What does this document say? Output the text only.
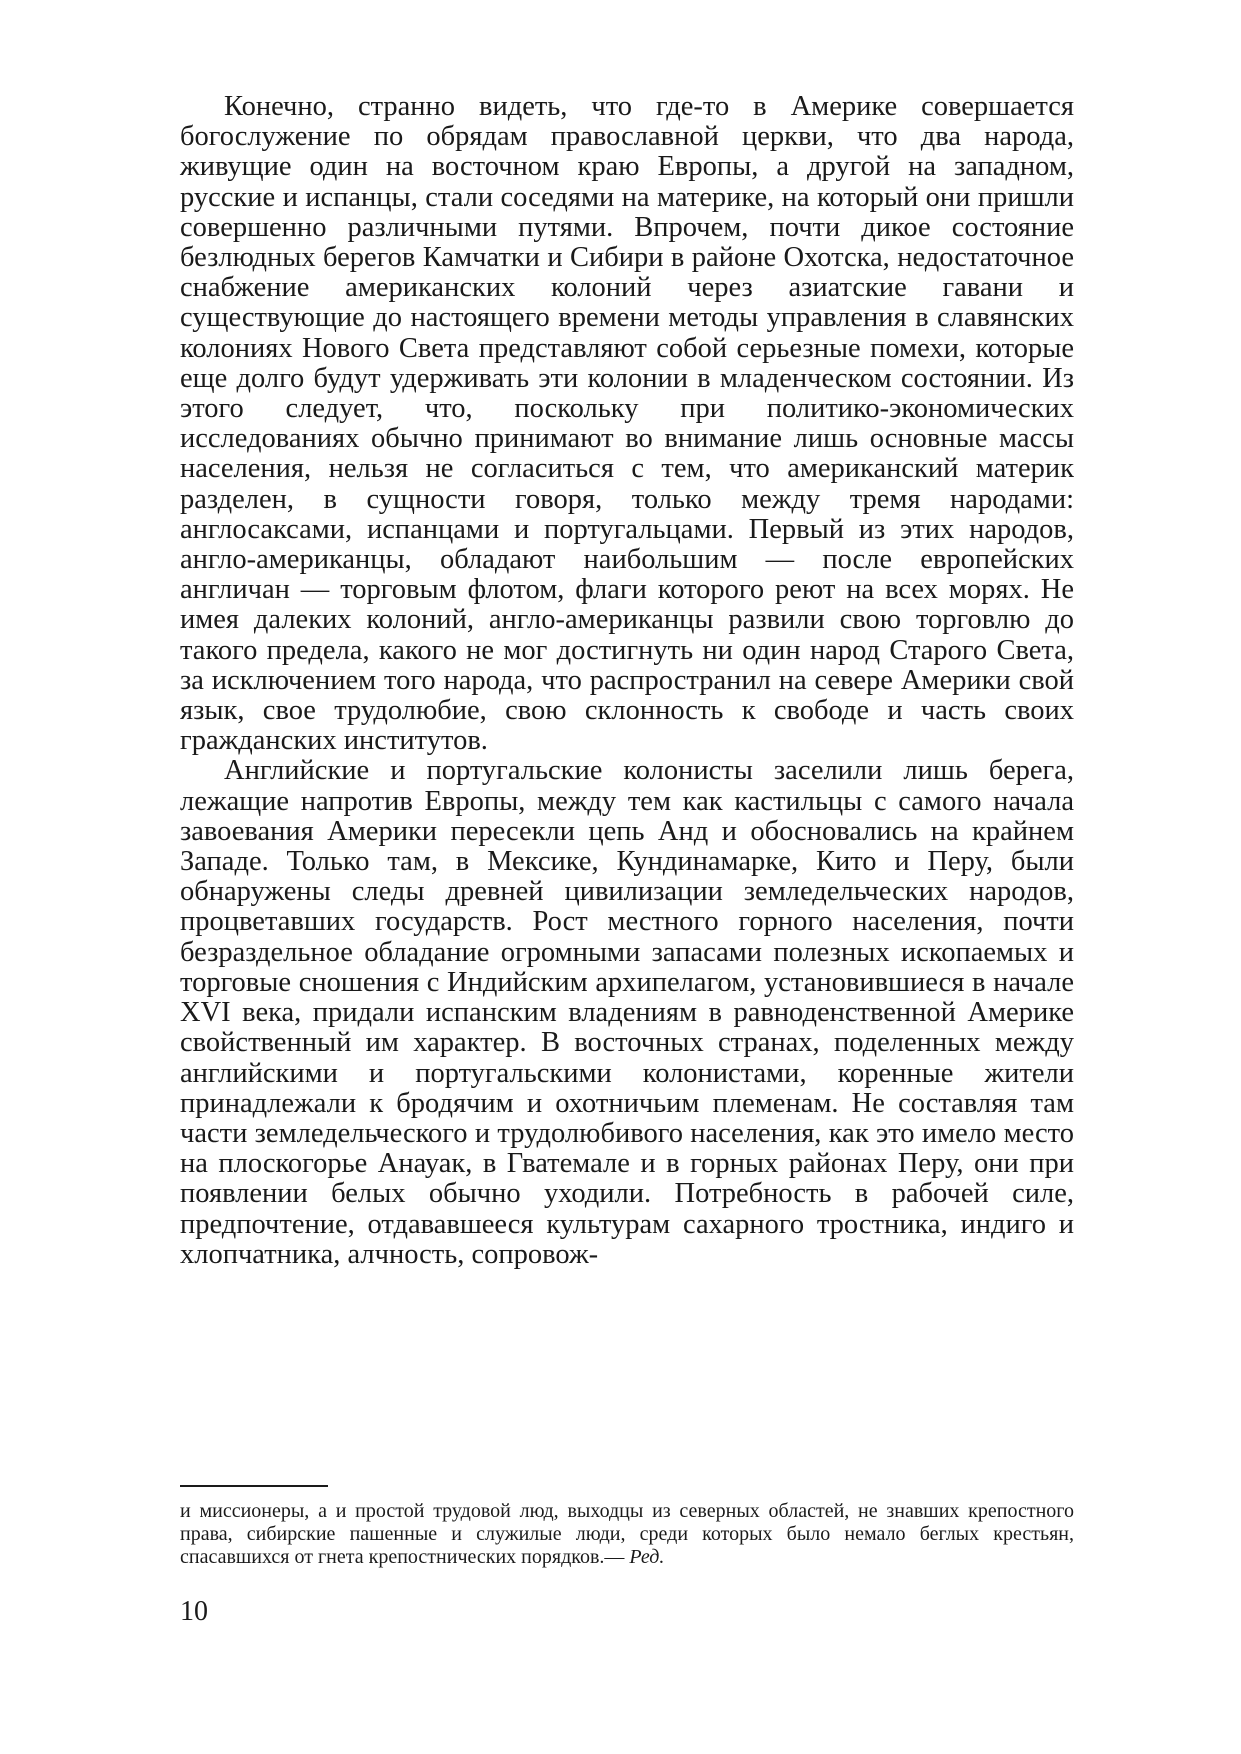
Конечно, странно видеть, что где-то в Америке совершается богослужение по обрядам православной церкви, что два народа, живущие один на восточном краю Европы, а другой на западном, русские и испанцы, стали соседями на материке, на который они пришли совершенно различными путями. Впрочем, почти дикое состояние безлюдных берегов Камчатки и Сибири в районе Охотска, недостаточное снабжение американских колоний через азиатские гавани и существующие до настоящего времени методы управления в славянских колониях Нового Света представляют собой серьезные помехи, которые еще долго будут удерживать эти колонии в младенческом состоянии. Из этого следует, что, поскольку при политико-экономических исследованиях обычно принимают во внимание лишь основные массы населения, нельзя не согласиться с тем, что американский материк разделен, в сущности говоря, только между тремя народами: англосаксами, испанцами и португальцами. Первый из этих народов, англо-американцы, обладают наибольшим — после европейских англичан — торговым флотом, флаги которого реют на всех морях. Не имея далеких колоний, англо-американцы развили свою торговлю до такого предела, какого не мог достигнуть ни один народ Старого Света, за исключением того народа, что распространил на севере Америки свой язык, свое трудолюбие, свою склонность к свободе и часть своих гражданских институтов.

Английские и португальские колонисты заселили лишь берега, лежащие напротив Европы, между тем как кастильцы с самого начала завоевания Америки пересекли цепь Анд и обосновались на крайнем Западе. Только там, в Мексике, Кундинамарке, Кито и Перу, были обнаружены следы древней цивилизации земледельческих народов, процветавших государств. Рост местного горного населения, почти безраздельное обладание огромными запасами полезных ископаемых и торговые сношения с Индийским архипелагом, установившиеся в начале XVI века, придали испанским владениям в равноденственной Америке свойственный им характер. В восточных странах, поделенных между английскими и португальскими колонистами, коренные жители принадлежали к бродячим и охотничьим племенам. Не составляя там части земледельческого и трудолюбивого населения, как это имело место на плоскогорье Анауак, в Гватемале и в горных районах Перу, они при появлении белых обычно уходили. Потребность в рабочей силе, предпочтение, отдававшееся культурам сахарного тростника, индиго и хлопчатника, алчность, сопровож-

и миссионеры, а и простой трудовой люд, выходцы из северных областей, не знавших крепостного права, сибирские пашенные и служилые люди, среди которых было немало беглых крестьян, спасавшихся от гнета крепостнических порядков.— Ред.

10
